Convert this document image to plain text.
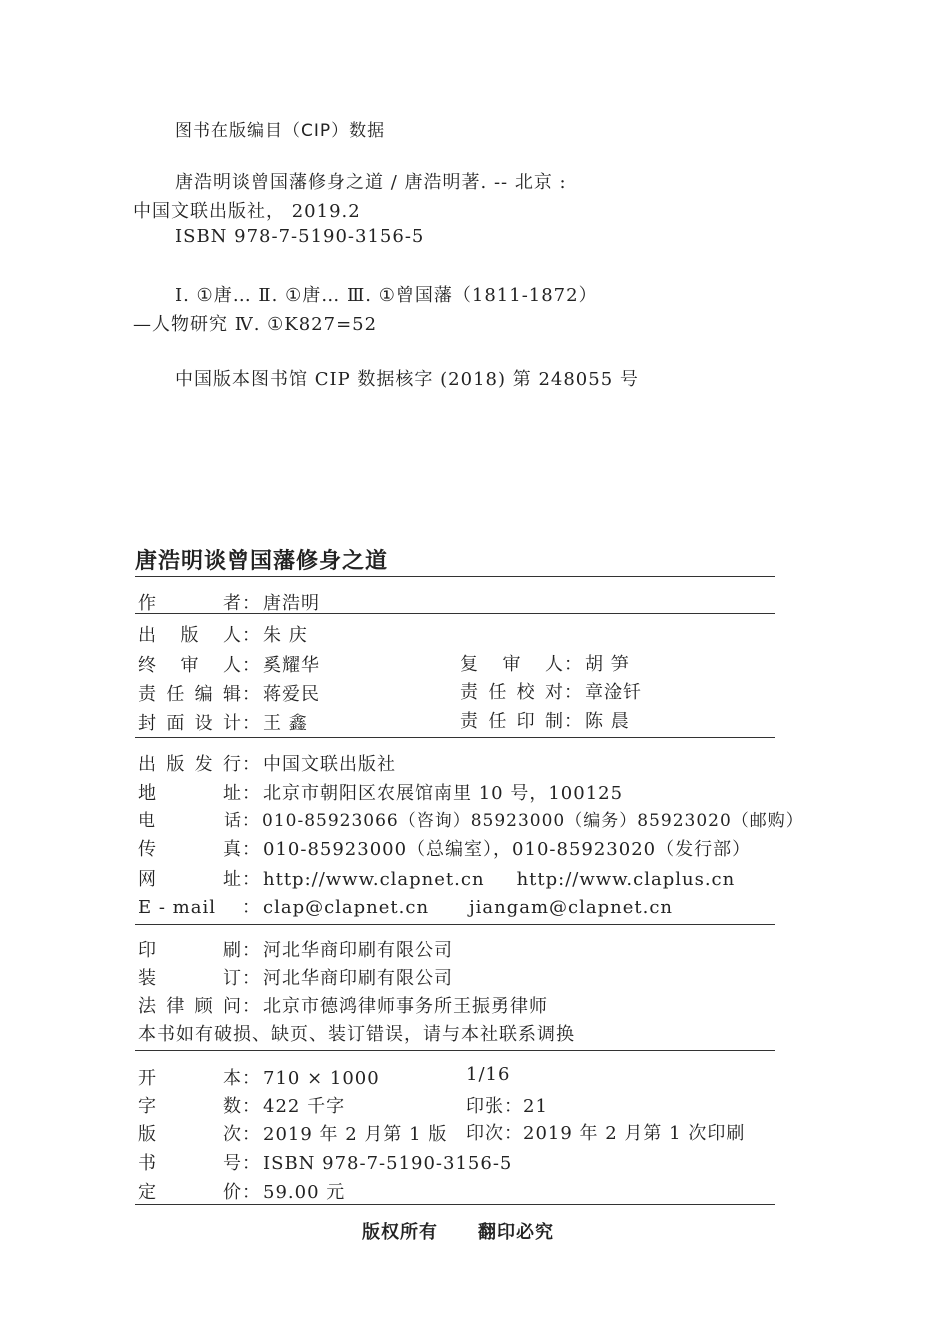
图书在版编目（CIP）数据
唐浩明谈曾国藩修身之道 / 唐浩明著. -- 北京 :
中国文联出版社， 2019.2
ISBN 978-7-5190-3156-5
Ⅰ. ①唐… Ⅱ. ①唐… Ⅲ. ①曾国藩（1811-1872）
—人物研究 Ⅳ. ①K827=52
中国版本图书馆 CIP 数据核字 (2018) 第 248055 号
唐浩明谈曾国藩修身之道
作者： 唐浩明
出版人： 朱 庆
终审人： 奚耀华	复审人： 胡 笋
责任编辑： 蒋爱民	责任校对： 章淦钎
封面设计： 王 鑫	责任印制： 陈 晨
出版发行： 中国文联出版社
地址： 北京市朝阳区农展馆南里 10 号，100125
电话： 010-85923066（咨询）85923000（编务）85923020（邮购）
传真： 010-85923000（总编室），010-85923020（发行部）
网址： http://www.clapnet.cn http://www.claplus.cn
E - mail ： clap@clapnet.cn jiangam@clapnet.cn
印刷： 河北华商印刷有限公司
装订： 河北华商印刷有限公司
法律顾问： 北京市德鸿律师事务所王振勇律师
本书如有破损、缺页、装订错误，请与本社联系调换
开本： 710 × 1000	1/16
字数： 422 千字	印张：21
版次： 2019 年 2 月第 1 版 印次：2019 年 2 月第 1 次印刷
书号： ISBN 978-7-5190-3156-5
定价： 59.00 元
版权所有 翻印必究
